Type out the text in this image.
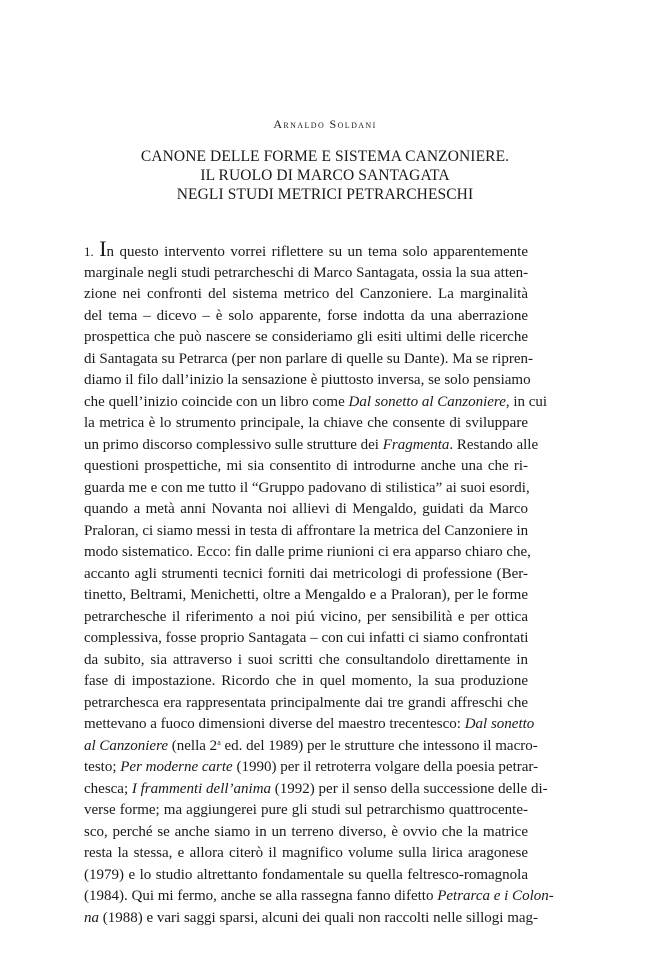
Arnaldo Soldani
CANONE DELLE FORME E SISTEMA CANZONIERE.
IL RUOLO DI MARCO SANTAGATA
NEGLI STUDI METRICI PETRARCHESCHI
1. In questo intervento vorrei riflettere su un tema solo apparentemente
marginale negli studi petrarcheschi di Marco Santagata, ossia la sua atten-
zione nei confronti del sistema metrico del Canzoniere. La marginalità
del tema – dicevo – è solo apparente, forse indotta da una aberrazione
prospettica che può nascere se consideriamo gli esiti ultimi delle ricerche
di Santagata su Petrarca (per non parlare di quelle su Dante). Ma se ripren-
diamo il filo dall’inizio la sensazione è piuttosto inversa, se solo pensiamo
che quell’inizio coincide con un libro come Dal sonetto al Canzoniere, in cui
la metrica è lo strumento principale, la chiave che consente di sviluppare
un primo discorso complessivo sulle strutture dei Fragmenta. Restando alle
questioni prospettiche, mi sia consentito di introdurne anche una che ri-
guarda me e con me tutto il “Gruppo padovano di stilistica” ai suoi esordi,
quando a metà anni Novanta noi allievi di Mengaldo, guidati da Marco
Praloran, ci siamo messi in testa di affrontare la metrica del Canzoniere in
modo sistematico. Ecco: fin dalle prime riunioni ci era apparso chiaro che,
accanto agli strumenti tecnici forniti dai metricologi di professione (Ber-
tinetto, Beltrami, Menichetti, oltre a Mengaldo e a Praloran), per le forme
petrarchesche il riferimento a noi piú vicino, per sensibilità e per ottica
complessiva, fosse proprio Santagata – con cui infatti ci siamo confrontati
da subito, sia attraverso i suoi scritti che consultandolo direttamente in
fase di impostazione. Ricordo che in quel momento, la sua produzione
petrarchesca era rappresentata principalmente dai tre grandi affreschi che
mettevano a fuoco dimensioni diverse del maestro trecentesco: Dal sonetto
al Canzoniere (nella 2$^a$ ed. del 1989) per le strutture che intessono il macro-
testo; Per moderne carte (1990) per il retroterra volgare della poesia petrar-
chesca; I frammenti dell’anima (1992) per il senso della successione delle di-
verse forme; ma aggiungerei pure gli studi sul petrarchismo quattrocente-
sco, perché se anche siamo in un terreno diverso, è ovvio che la matrice
resta la stessa, e allora citerò il magnifico volume sulla lirica aragonese
(1979) e lo studio altrettanto fondamentale su quella feltresco-romagnola
(1984). Qui mi fermo, anche se alla rassegna fanno difetto Petrarca e i Colon-
na (1988) e vari saggi sparsi, alcuni dei quali non raccolti nelle sillogi mag-
